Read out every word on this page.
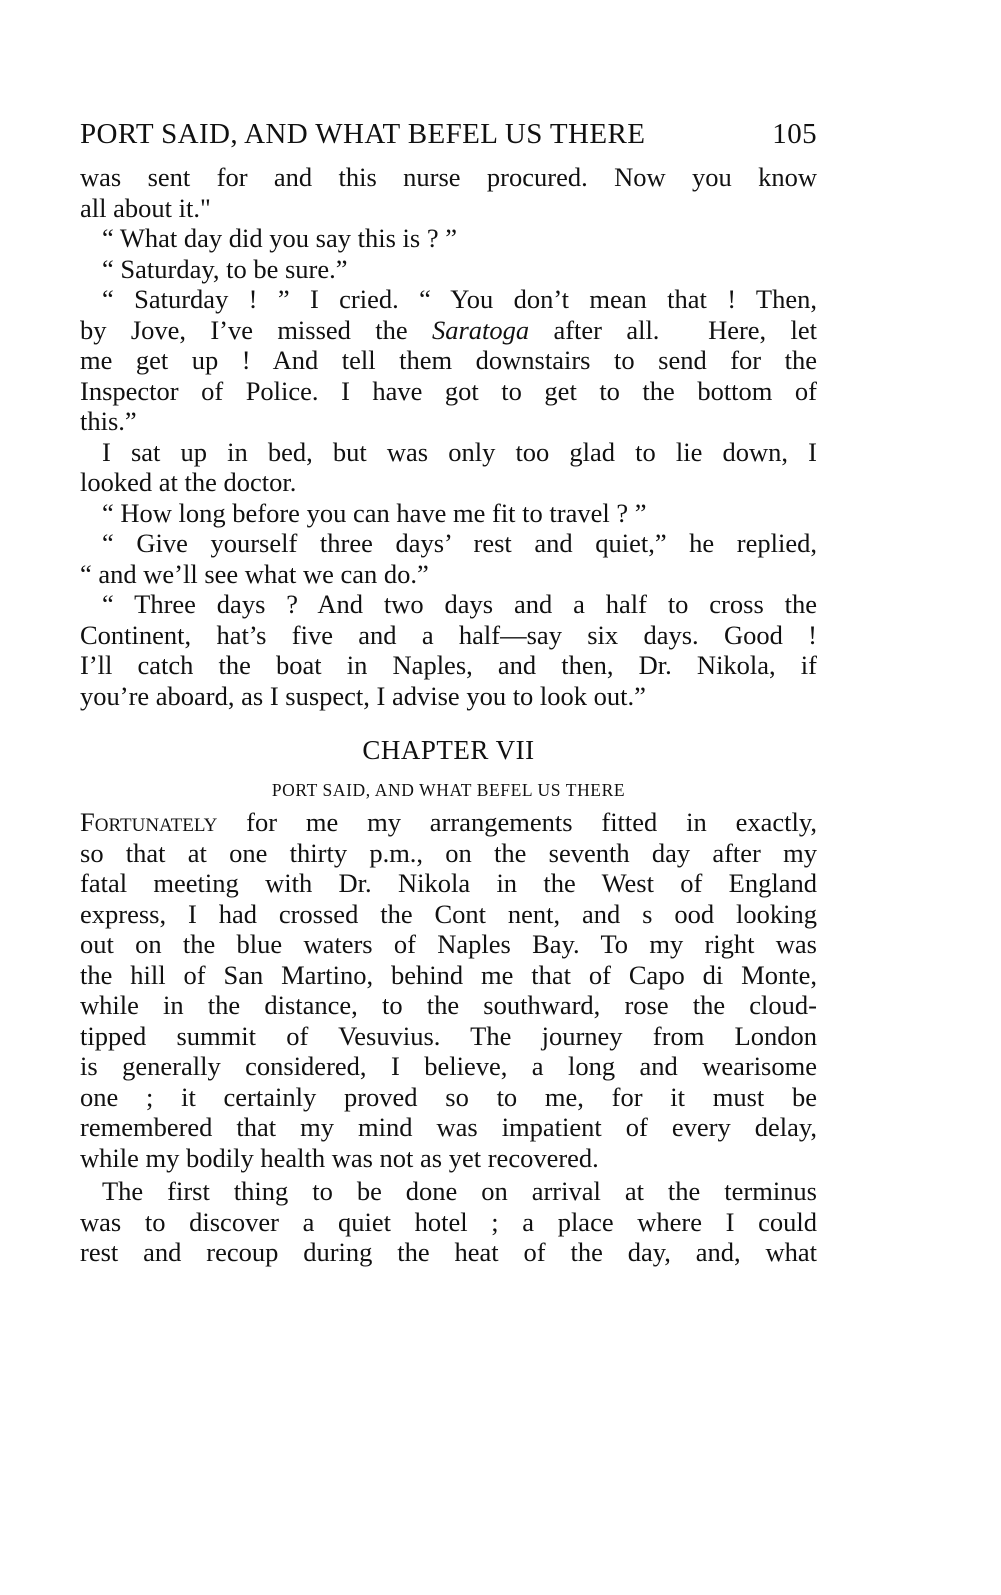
PORT SAID, AND WHAT BEFEL US THERE	105
was sent for and this nurse procured. Now you know
all about it."
“ What day did you say this is ? ”
“ Saturday, to be sure.”
“ Saturday ! ” I cried. “ You don’t mean that ! Then,
by Jove, I’ve missed the Saratoga after all.  Here, let
me get up ! And tell them downstairs to send for the
Inspector of Police. I have got to get to the bottom of
this.”
I sat up in bed, but was only too glad to lie down, I
looked at the doctor.
“ How long before you can have me fit to travel ? ”
“ Give yourself three days’ rest and quiet,” he replied,
“ and we’ll see what we can do.”
“ Three days ? And two days and a half to cross the
Continent, hat’s five and a half—say six days. Good !
I’ll catch the boat in Naples, and then, Dr. Nikola, if
you’re aboard, as I suspect, I advise you to look out.”
CHAPTER VII
PORT SAID, AND WHAT BEFEL US THERE
Fortunately for me my arrangements fitted in exactly,
so that at one thirty p.m., on the seventh day after my
fatal meeting with Dr. Nikola in the West of England
express, I had crossed the Cont nent, and s ood looking
out on the blue waters of Naples Bay. To my right was
the hill of San Martino, behind me that of Capo di Monte,
while in the distance, to the southward, rose the cloud-
tipped summit of Vesuvius. The journey from London
is generally considered, I believe, a long and wearisome
one ; it certainly proved so to me, for it must be
remembered that my mind was impatient of every delay,
while my bodily health was not as yet recovered.
The first thing to be done on arrival at the terminus
was to discover a quiet hotel ; a place where I could
rest and recoup during the heat of the day, and, what
